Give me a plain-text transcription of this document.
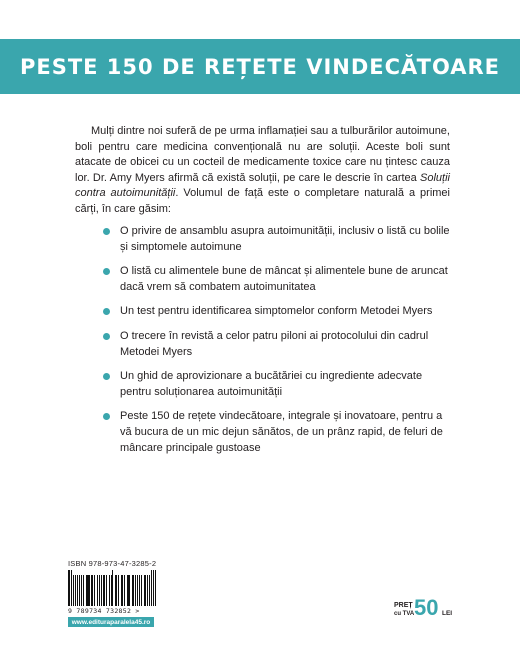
PESTE 150 DE REȚETE VINDECĂTOARE

Mulți dintre noi suferă de pe urma inflamației sau a tulburărilor autoimune, boli pentru care medicina convențională nu are soluții. Aceste boli sunt atacate de obicei cu un cocteil de medicamente toxice care nu țintesc cauza lor. Dr. Amy Myers afirmă că există soluții, pe care le descrie în cartea Soluții contra autoimunității. Volumul de față este o completare naturală a primei cărți, în care găsim:

O privire de ansamblu asupra autoimunității, inclusiv o listă cu bolile și simptomele autoimune
O listă cu alimentele bune de mâncat și alimentele bune de aruncat dacă vrem să combatem autoimunitatea
Un test pentru identificarea simptomelor conform Metodei Myers
O trecere în revistă a celor patru piloni ai protocolului din cadrul Metodei Myers
Un ghid de aprovizionare a bucătăriei cu ingrediente adecvate pentru soluționarea autoimunității
Peste 150 de rețete vindecătoare, integrale și inovatoare, pentru a vă bucura de un mic dejun sănătos, de un prânz rapid, de feluri de mâncare principale gustoase
ISBN 978-973-47-3285-2
9 789734 732852 >
www.edituraparalela45.ro
PREȚ
cu TVA 50 LEI
